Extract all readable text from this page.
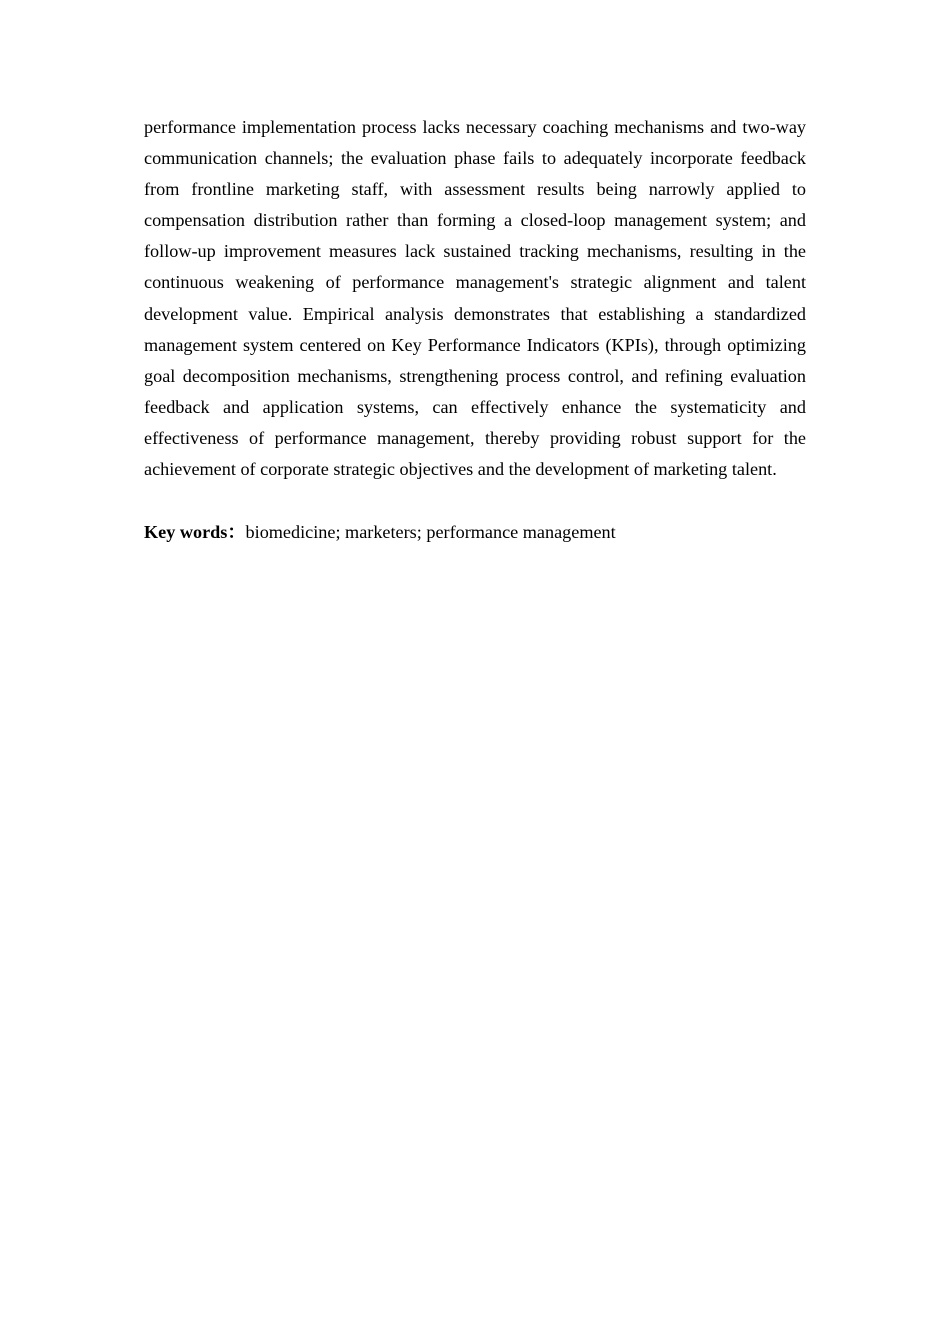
performance implementation process lacks necessary coaching mechanisms and two-way communication channels; the evaluation phase fails to adequately incorporate feedback from frontline marketing staff, with assessment results being narrowly applied to compensation distribution rather than forming a closed-loop management system; and follow-up improvement measures lack sustained tracking mechanisms, resulting in the continuous weakening of performance management's strategic alignment and talent development value. Empirical analysis demonstrates that establishing a standardized management system centered on Key Performance Indicators (KPIs), through optimizing goal decomposition mechanisms, strengthening process control, and refining evaluation feedback and application systems, can effectively enhance the systematicity and effectiveness of performance management, thereby providing robust support for the achievement of corporate strategic objectives and the development of marketing talent.

Key words：biomedicine; marketers; performance management
